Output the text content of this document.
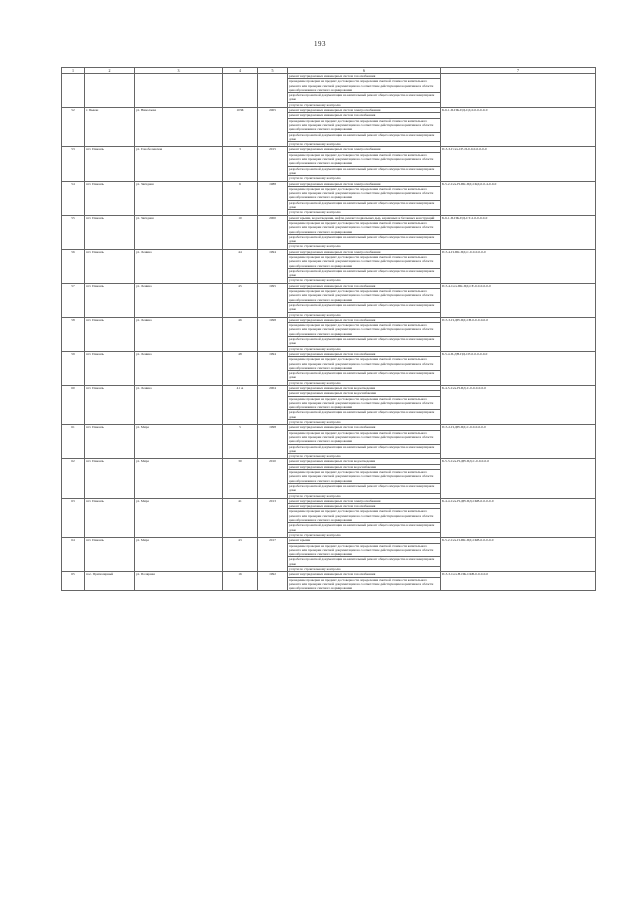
193
1	2	3	4	5	6	7
					ремонт внутридомовых инженерных систем газоснабжения	
					проведение проверки на предмет достоверности определения сметной стоимости капитального ремонта или проверки сметной документации на соответствие действующим нормативам в области ценообразования и сметного нормирования	
					разработка проектной документации на капитальный ремонт общего имущества в многоквартирном доме	
					услуги по строительному контролю	
52	г. Пыкан	ул. Николаева	103Б	2005	ремонт внутридомовых инженерных систем электроснабжения	Б-6-1-П-ПК-ПД-СД-0-0-0-0-0-0
					ремонт внутридомовых инженерных систем газоснабжения	
					проведение проверки на предмет достоверности определения сметной стоимости капитального ремонта или проверки сметной документации на соответствие действующим нормативам в области ценообразования и сметного нормирования	
					разработка проектной документации на капитальный ремонт общего имущества в многоквартирном доме	
					услуги по строительному контролю	
53	пгт. Пакояль	ул. Гоноболевская	3	2015	ремонт внутридомовых инженерных систем электроснабжения	П-3-3-Гсеч-СЕ-П-0-0-0-0-0-0-0
					проведение проверки на предмет достоверности определения сметной стоимости капитального ремонта или проверки сметной документации на соответствие действующим нормативам в области ценообразования и сметного нормирования	
					разработка проектной документации на капитальный ремонт общего имущества в многоквартирном доме	
					услуги по строительному контролю	
54	пгт. Пакояль	ул. Звёздная	6	1988	ремонт внутридомовых инженерных систем электроснабжения	Б-5-2-Сеч-Н-ПК-ПД-СКД-0-0-4-0-0-0
					проведение проверки на предмет достоверности определения сметной стоимости капитального ремонта или проверки сметной документации на соответствие действующим нормативам в области ценообразования и сметного нормирования	
					разработка проектной документации на капитальный ремонт общего имущества в многоквартирном доме	
					услуги по строительному контролю	
55	пгт. Пакояль	ул. Звёздная	10	2000	ремонт крыши, водоотведения, нефти, ремонт подвальных дыр, карнизных и бетонных конструкций	Б-6-1-П-ПК-ПД-СТ-2-0-0-0-0-0
					проведение проверки на предмет достоверности определения сметной стоимости капитального ремонта или проверки сметной документации на соответствие действующим нормативам в области ценообразования и сметного нормирования	
					разработка проектной документации на капитальный ремонт общего имущества в многоквартирном доме	
					услуги по строительному контролю	
56	пгт. Пакояль	ул. Ленина	44	1994	ремонт внутридомовых инженерных систем электроснабжения	П-5-4-П-ПК-ПД-С-0-0-0-0-0-0
					проведение проверки на предмет достоверности определения сметной стоимости капитального ремонта или проверки сметной документации на соответствие действующим нормативам в области ценообразования и сметного нормирования	
					разработка проектной документации на капитальный ремонт общего имущества в многоквартирном доме	
					услуги по строительному контролю	
57	пгт. Пакояль	ул. Ленина	45	1995	ремонт внутридомовых инженерных систем газоснабжения	П-5-4-Сеч-ПК-ПД-СЕ-0-0-0-0-0-0
					проведение проверки на предмет достоверности определения сметной стоимости капитального ремонта или проверки сметной документации на соответствие действующим нормативам в области ценообразования и сметного нормирования	
					разработка проектной документации на капитальный ремонт общего имущества в многоквартирном доме	
					услуги по строительному контролю	
58	пгт. Пакояль	ул. Ленина	46	1998	ремонт внутридомовых инженерных систем газоснабжения	П-5-3-П-ДН-ПД-СВ-0-0-0-0-0-0
					проведение проверки на предмет достоверности определения сметной стоимости капитального ремонта или проверки сметной документации на соответствие действующим нормативам в области ценообразования и сметного нормирования	
					разработка проектной документации на капитальный ремонт общего имущества в многоквартирном доме	
					услуги по строительному контролю	
59	пгт. Пакояль	ул. Ленина	48	1994	ремонт внутридомовых инженерных систем газоснабжения	Б-5-4-П-ДН-ПД-СЕ-0-0-0-0-0-0
					проведение проверки на предмет достоверности определения сметной стоимости капитального ремонта или проверки сметной документации на соответствие действующим нормативам в области ценообразования и сметного нормирования	
					разработка проектной документации на капитальный ремонт общего имущества в многоквартирном доме	
					услуги по строительному контролю	
60	пгт. Пакояль	ул. Ленина	41 А	2004	ремонт внутридомовых инженерных систем водоотведения	Б-4-5-Сеч-Н-ПД-С-0-0-0-0-0-0
					ремонт внутридомовых инженерных систем водоснабжения	
					проведение проверки на предмет достоверности определения сметной стоимости капитального ремонта или проверки сметной документации на соответствие действующим нормативам в области ценообразования и сметного нормирования	
					разработка проектной документации на капитальный ремонт общего имущества в многоквартирном доме	
					услуги по строительному контролю	
61	пгт. Пакояль	ул. Мира	5	1998	ремонт внутридомовых инженерных систем газоснабжения	П-5-2-П-ДН-ПД-С-0-0-0-0-0-0
					проведение проверки на предмет достоверности определения сметной стоимости капитального ремонта или проверки сметной документации на соответствие действующим нормативам в области ценообразования и сметного нормирования	
					разработка проектной документации на капитальный ремонт общего имущества в многоквартирном доме	
					услуги по строительному контролю	
62	пгт. Пакояль	ул. Мира	30	2010	ремонт внутридомовых инженерных систем водоотведения	Б-5-3-Сеч-Н-ДН-ПД-С-0-0-0-0-0
					ремонт внутридомовых инженерных систем водоснабжения	
					проведение проверки на предмет достоверности определения сметной стоимости капитального ремонта или проверки сметной документации на соответствие действующим нормативам в области ценообразования и сметного нормирования	
					разработка проектной документации на капитальный ремонт общего имущества в многоквартирном доме	
					услуги по строительному контролю	
63	пгт. Пакояль	ул. Мира	41	2013	ремонт внутридомовых инженерных систем электроснабжения	Б-4-4-Сеч-Н-ДН-ПД-СКВ-0-0-0-0-0
					ремонт внутридомовых инженерных систем газоснабжения	
					проведение проверки на предмет достоверности определения сметной стоимости капитального ремонта или проверки сметной документации на соответствие действующим нормативам в области ценообразования и сметного нормирования	
					разработка проектной документации на капитальный ремонт общего имущества в многоквартирном доме	
					услуги по строительному контролю	
64	пгт. Пакояль	ул. Мира	43	2017	ремонт крыши	Б-5-2-Сеч-П-ПК-ПД-СКВ-0-0-0-0-0
					проведение проверки на предмет достоверности определения сметной стоимости капитального ремонта или проверки сметной документации на соответствие действующим нормативам в области ценообразования и сметного нормирования	
					разработка проектной документации на капитальный ремонт общего имущества в многоквартирном доме	
					услуги по строительному контролю	
65	пос. Приполярный	ул. Полярная	16	1992	ремонт внутридомовых инженерных систем газоснабжения	П-3-3-Сеч-Н-ПК-СКВ-0-0-0-0-0
					проведение проверки на предмет достоверности определения сметной стоимости капитального ремонта или проверки сметной документации на соответствие действующим нормативам в области ценообразования и сметного нормирования	
